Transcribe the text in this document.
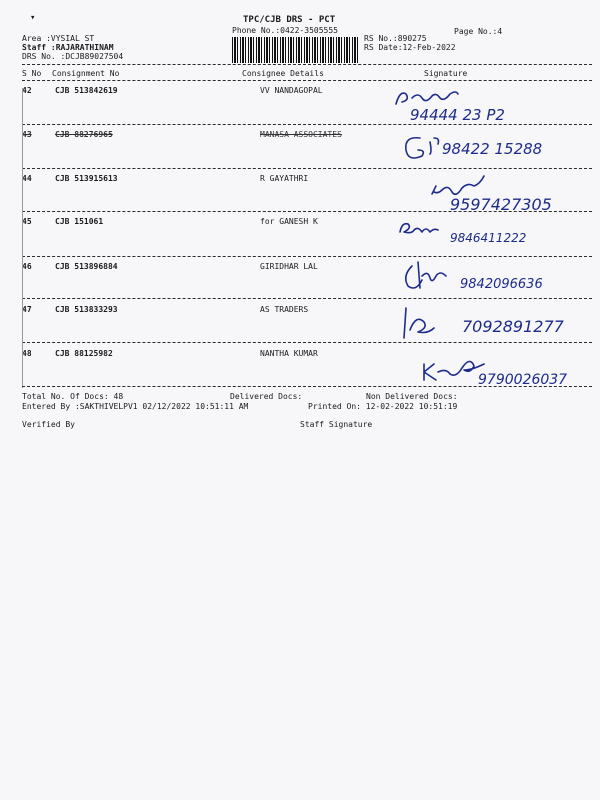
TPC/CJB DRS - PCT
Phone No.:0422-3505555	Page No.:4
▾
Area :VYSIAL ST
Staff :RAJARATHINAM
DRS No. :DCJB89027504
RS No.:890275
RS Date:12-Feb-2022
S No Consignment No	Consignee Details	Signature
42	CJB 513842619	VV NANDAGOPAL
94444 23 P2
43	CJB 88276965	MANASA ASSOCIATES
98422 15288
44	CJB 513915613	R GAYATHRI
9597427305
45	CJB 151061	for GANESH K
9846411222
46	CJB 513896884	GIRIDHAR LAL
9842096636
47	CJB 513833293	AS TRADERS
7092891277
48	CJB 88125982	NANTHA KUMAR
9790026037
Total No. Of Docs: 48	Delivered Docs:	Non Delivered Docs:
Entered By :SAKTHIVELPV1 02/12/2022 10:51:11 AM	Printed On: 12-02-2022 10:51:19
Verified By	Staff Signature
